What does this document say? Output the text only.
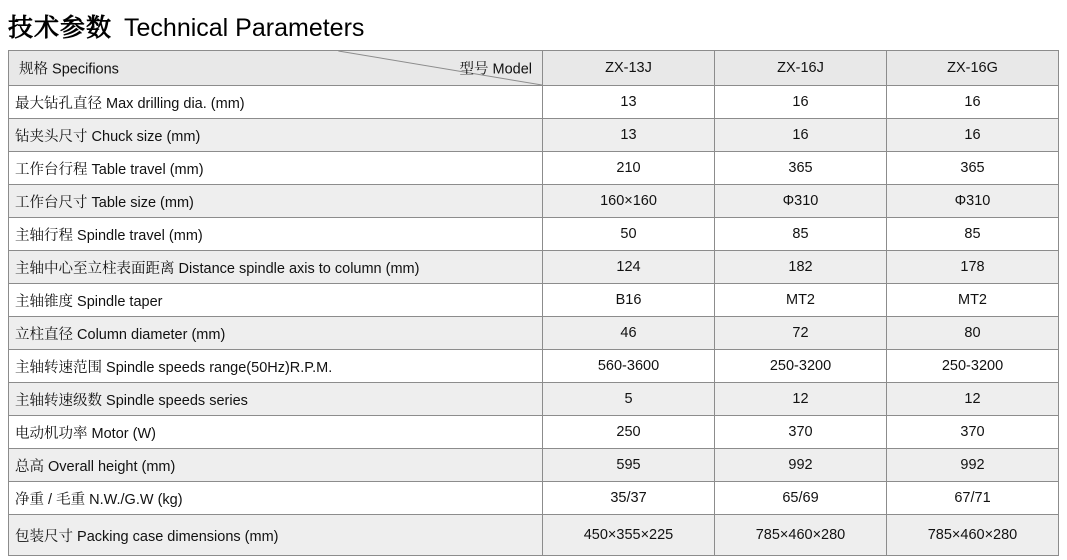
技术参数 Technical Parameters
规格 Specifions 型号 Model	ZX-13J	ZX-16J	ZX-16G
最大钻孔直径 Max drilling dia. (mm)	13	16	16
钻夹头尺寸 Chuck size (mm)	13	16	16
工作台行程 Table travel (mm)	210	365	365
工作台尺寸 Table size (mm)	160×160	Φ310	Φ310
主轴行程 Spindle travel (mm)	50	85	85
主轴中心至立柱表面距离 Distance spindle axis to column (mm)	124	182	178
主轴锥度 Spindle taper	B16	MT2	MT2
立柱直径 Column diameter (mm)	46	72	80
主轴转速范围 Spindle speeds range(50Hz)R.P.M.	560-3600	250-3200	250-3200
主轴转速级数 Spindle speeds series	5	12	12
电动机功率 Motor (W)	250	370	370
总高 Overall height (mm)	595	992	992
净重 / 毛重 N.W./G.W (kg)	35/37	65/69	67/71
包装尺寸 Packing case dimensions (mm)	450×355×225	785×460×280	785×460×280
